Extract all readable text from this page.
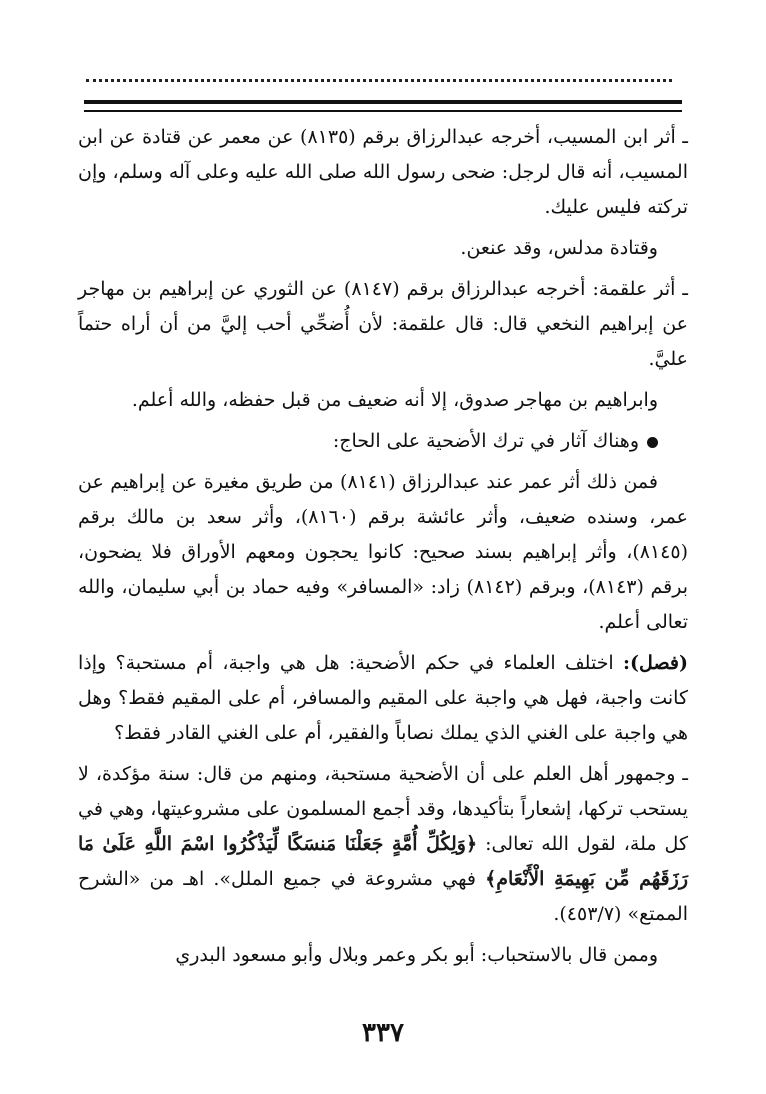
ـ أثر ابن المسيب، أخرجه عبدالرزاق برقم (٨١٣٥) عن معمر عن قتادة عن ابن المسيب، أنه قال لرجل: ضحى رسول الله صلى الله عليه وعلى آله وسلم، وإن تركته فليس عليك.

وقتادة مدلس، وقد عنعن.

ـ أثر علقمة: أخرجه عبدالرزاق برقم (٨١٤٧) عن الثوري عن إبراهيم بن مهاجر عن إبراهيم النخعي قال: قال علقمة: لأن أُضحِّي أحب إليَّ من أن أراه حتماً عليَّ.

وابراهيم بن مهاجر صدوق، إلا أنه ضعيف من قبل حفظه، والله أعلم.

وهناك آثار في ترك الأضحية على الحاج:

فمن ذلك أثر عمر عند عبدالرزاق (٨١٤١) من طريق مغيرة عن إبراهيم عن عمر، وسنده ضعيف، وأثر عائشة برقم (٨١٦٠)، وأثر سعد بن مالك برقم (٨١٤٥)، وأثر إبراهيم بسند صحيح: كانوا يحجون ومعهم الأوراق فلا يضحون، برقم (٨١٤٣)، وبرقم (٨١٤٢) زاد: «المسافر» وفيه حماد بن أبي سليمان، والله تعالى أعلم.

(فصل): اختلف العلماء في حكم الأضحية: هل هي واجبة، أم مستحبة؟ وإذا كانت واجبة، فهل هي واجبة على المقيم والمسافر، أم على المقيم فقط؟ وهل هي واجبة على الغني الذي يملك نصاباً والفقير، أم على الغني القادر فقط؟

ـ وجمهور أهل العلم على أن الأضحية مستحبة، ومنهم من قال: سنة مؤكدة، لا يستحب تركها، إشعاراً بتأكيدها، وقد أجمع المسلمون على مشروعيتها، وهي في كل ملة، لقول الله تعالى: ﴿وَلِكُلِّ أُمَّةٍ جَعَلْنَا مَنسَكًا لِّيَذْكُرُوا اسْمَ اللَّهِ عَلَىٰ مَا رَزَقَهُم مِّن بَهِيمَةِ الْأَنْعَامِ﴾ فهي مشروعة في جميع الملل». اهـ من «الشرح الممتع» (٤٥٣/٧).

وممن قال بالاستحباب: أبو بكر وعمر وبلال وأبو مسعود البدري

٣٣٧
